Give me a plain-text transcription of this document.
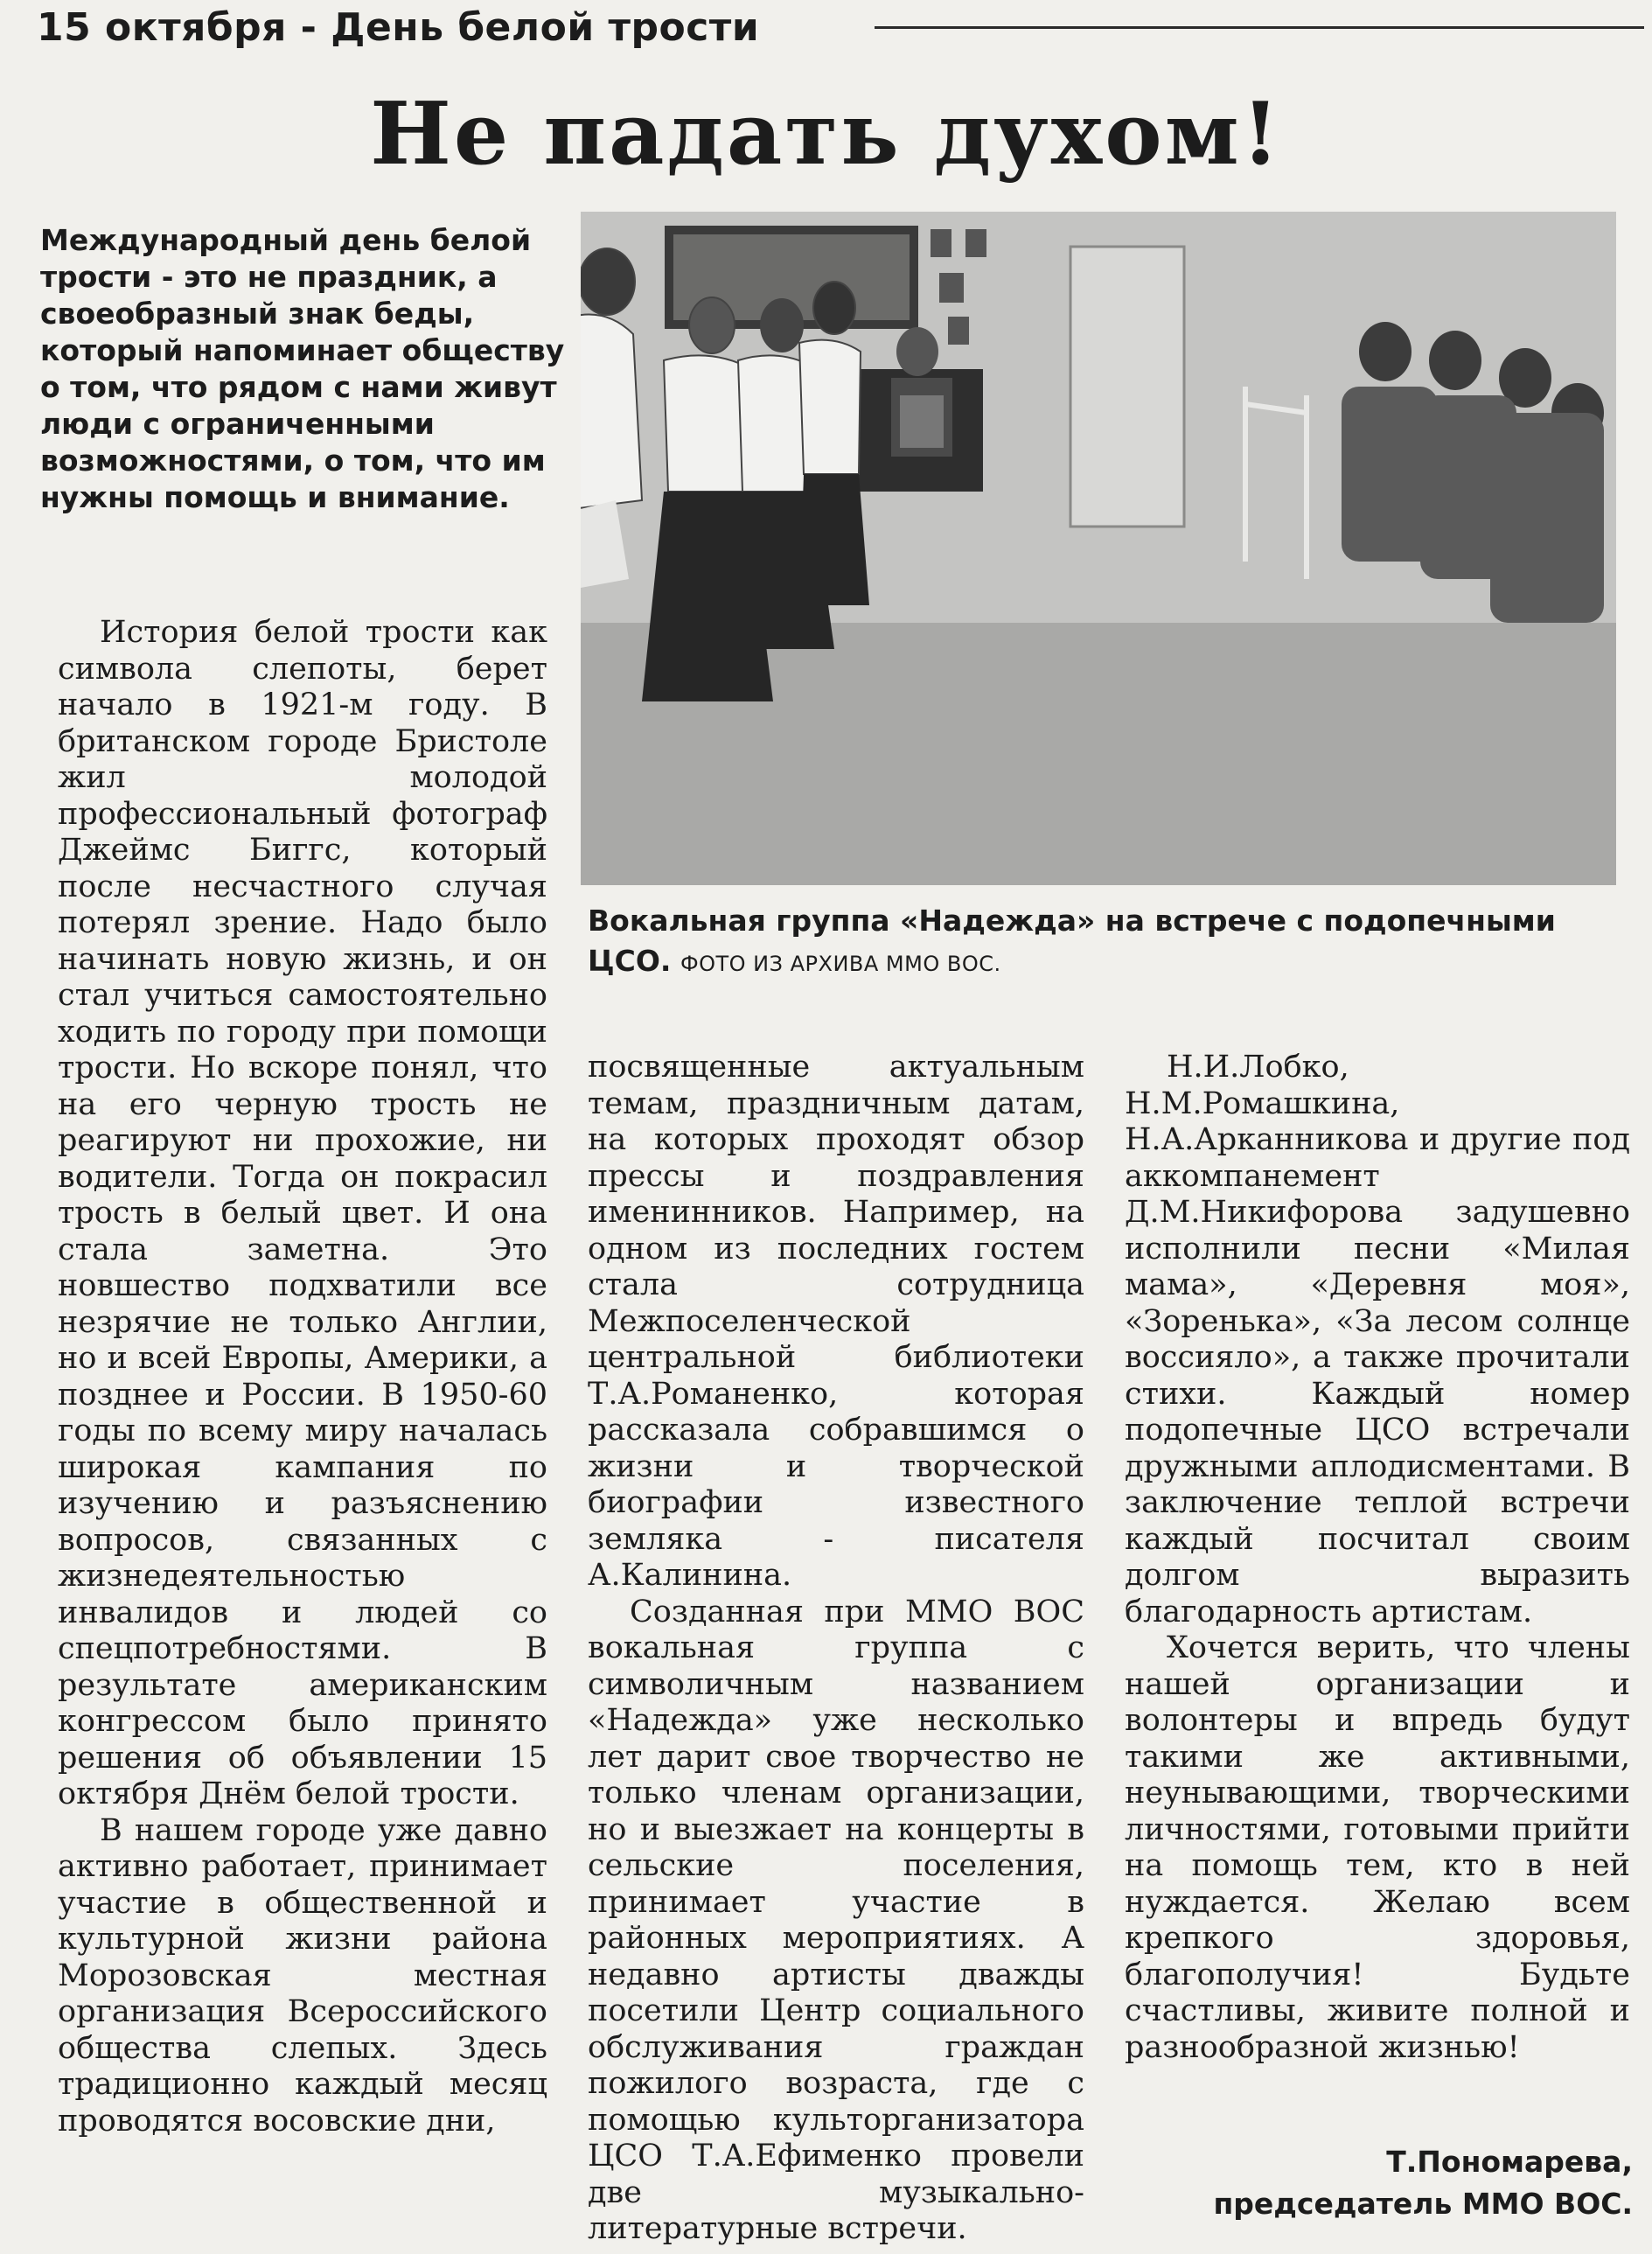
15 октября - День белой трости
Не падать духом!
Международный день белой трости - это не праздник, а своеобразный знак беды, который напоминает обществу о том, что рядом с нами живут люди с ограниченными возможностями, о том, что им нужны помощь и внимание.
Вокальная группа «Надежда» на встрече с подопечными ЦСО. ФОТО ИЗ АРХИВА ММО ВОС.

История белой трости как символа слепоты, берет начало в 1921-м году. В британском городе Бристоле жил молодой профессиональный фотограф Джеймс Биггс, который после несчастного случая потерял зрение. Надо было начинать новую жизнь, и он стал учиться самостоятельно ходить по городу при помощи трости. Но вскоре понял, что на его черную трость не реагируют ни прохожие, ни водители. Тогда он покрасил трость в белый цвет. И она стала заметна. Это новшество подхватили все незрячие не только Англии, но и всей Европы, Америки, а позднее и России. В 1950-60 годы по всему миру началась широкая кампания по изучению и разъяснению вопросов, связанных с жизнедеятельностью инвалидов и людей со спецпотребностями. В результате американским конгрессом было принято решения об объявлении 15 октября Днём белой трости.

В нашем городе уже давно активно работает, принимает участие в общественной и культурной жизни района Морозовская местная организация Всероссийского общества слепых. Здесь традиционно каждый месяц проводятся восовские дни,

посвященные актуальным темам, праздничным датам, на которых проходят обзор прессы и поздравления именинников. Например, на одном из последних гостем стала сотрудница Межпоселенческой центральной библиотеки Т.А.Романенко, которая рассказала собравшимся о жизни и творческой биографии известного земляка - писателя А.Калинина.

Созданная при ММО ВОС вокальная группа с символичным названием «Надежда» уже несколько лет дарит свое творчество не только членам организации, но и выезжает на концерты в сельские поселения, принимает участие в районных мероприятиях. А недавно артисты дважды посетили Центр социального обслуживания граждан пожилого возраста, где с помощью культорганизатора ЦСО Т.А.Ефименко провели две музыкально-литературные встречи.

Н.И.Лобко, Н.М.Ромашкина, Н.А.Арканникова и другие под аккомпанемент Д.М.Никифорова задушевно исполнили песни «Милая мама», «Деревня моя», «Зоренька», «За лесом солнце воссияло», а также прочитали стихи. Каждый номер подопечные ЦСО встречали дружными аплодисментами. В заключение теплой встречи каждый посчитал своим долгом выразить благодарность артистам.

Хочется верить, что члены нашей организации и волонтеры и впредь будут такими же активными, неунывающими, творческими личностями, готовыми прийти на помощь тем, кто в ней нуждается. Желаю всем крепкого здоровья, благополучия! Будьте счастливы, живите полной и разнообразной жизнью!

Т.Пономарева,
председатель ММО ВОС.
